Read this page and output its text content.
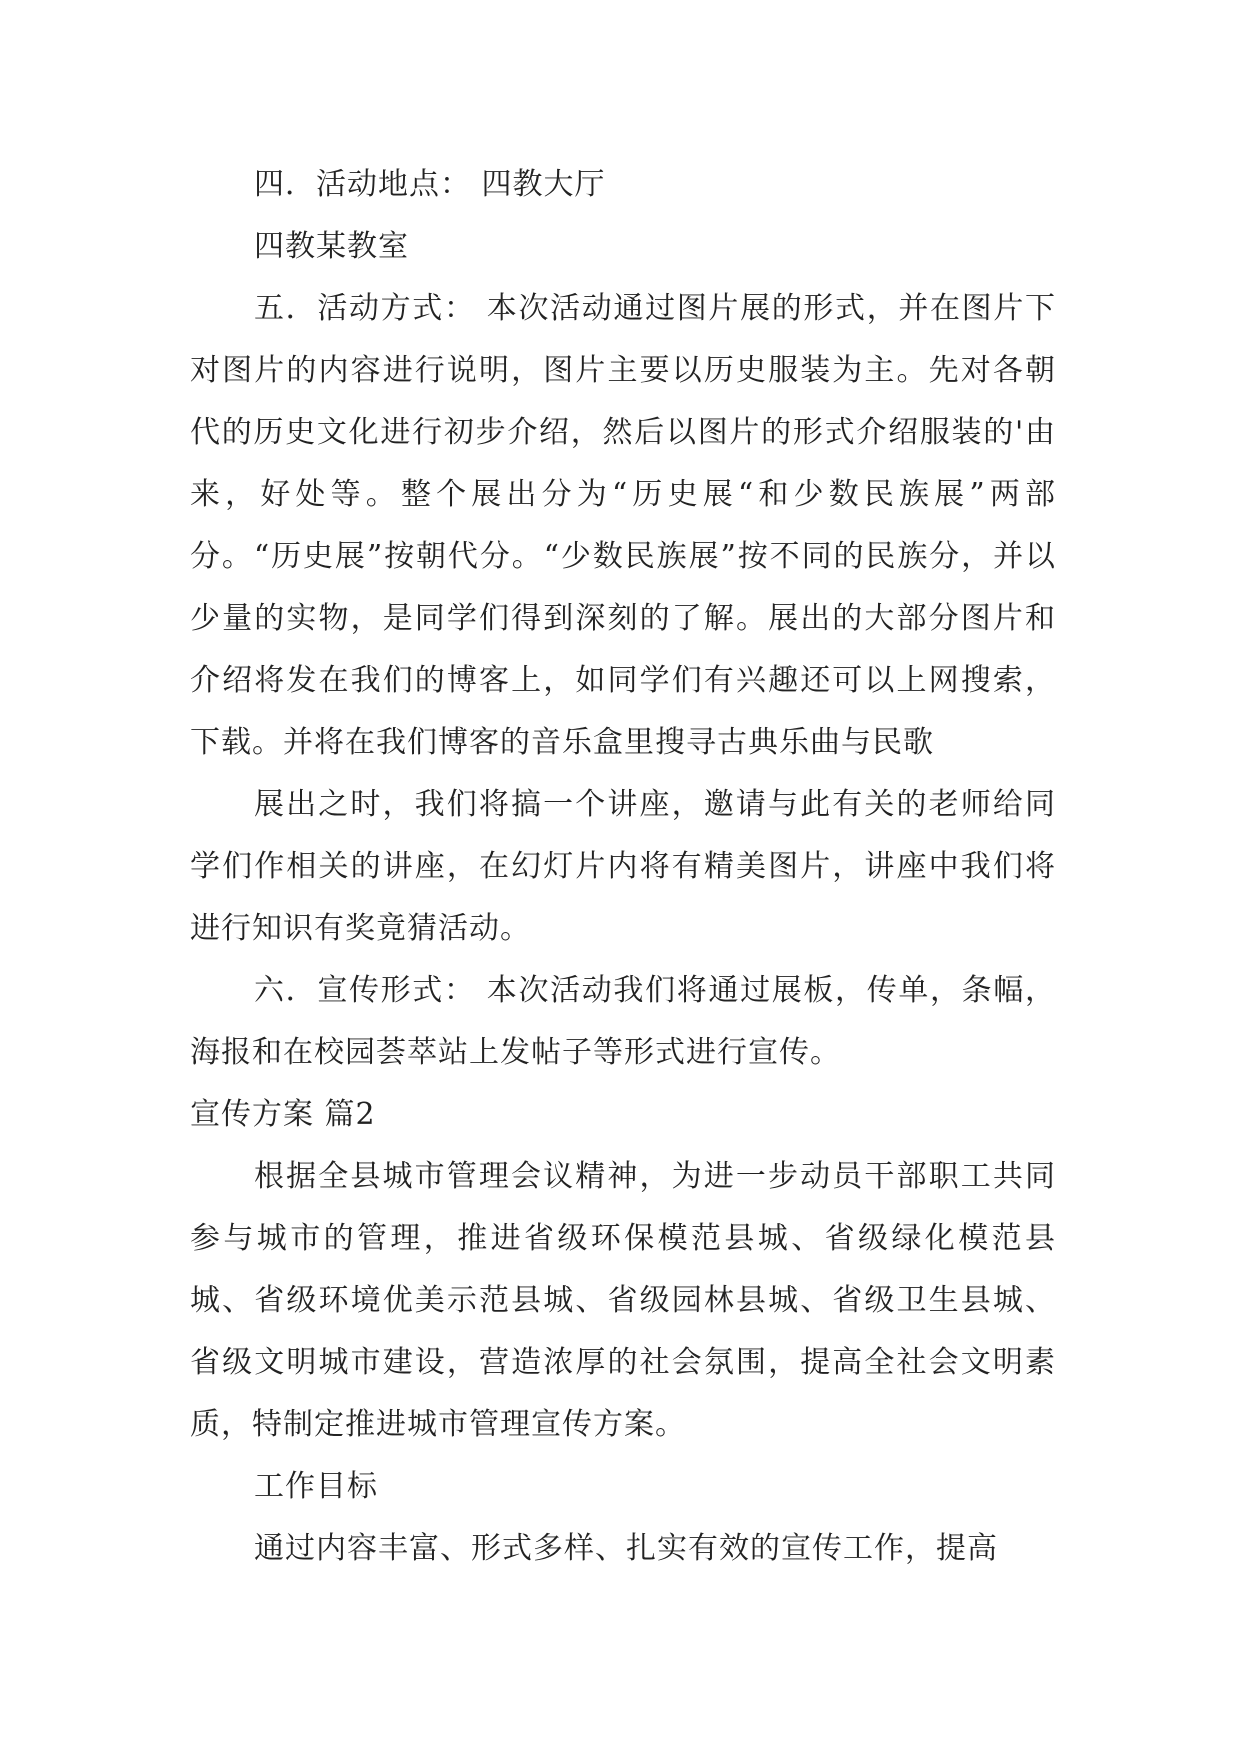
四．活动地点： 四教大厅

四教某教室

五．活动方式： 本次活动通过图片展的形式，并在图片下对图片的内容进行说明，图片主要以历史服装为主。先对各朝代的历史文化进行初步介绍，然后以图片的形式介绍服装的'由来，好处等。整个展出分为“历史展“和少数民族展”两部分。“历史展”按朝代分。“少数民族展”按不同的民族分，并以少量的实物，是同学们得到深刻的了解。展出的大部分图片和介绍将发在我们的博客上，如同学们有兴趣还可以上网搜索，下载。并将在我们博客的音乐盒里搜寻古典乐曲与民歌

展出之时，我们将搞一个讲座，邀请与此有关的老师给同学们作相关的讲座，在幻灯片内将有精美图片，讲座中我们将进行知识有奖竟猜活动。

六．宣传形式： 本次活动我们将通过展板，传单，条幅，海报和在校园荟萃站上发帖子等形式进行宣传。

宣传方案 篇2

根据全县城市管理会议精神，为进一步动员干部职工共同参与城市的管理，推进省级环保模范县城、省级绿化模范县城、省级环境优美示范县城、省级园林县城、省级卫生县城、省级文明城市建设，营造浓厚的社会氛围，提高全社会文明素质，特制定推进城市管理宣传方案。

工作目标

通过内容丰富、形式多样、扎实有效的宣传工作，提高
